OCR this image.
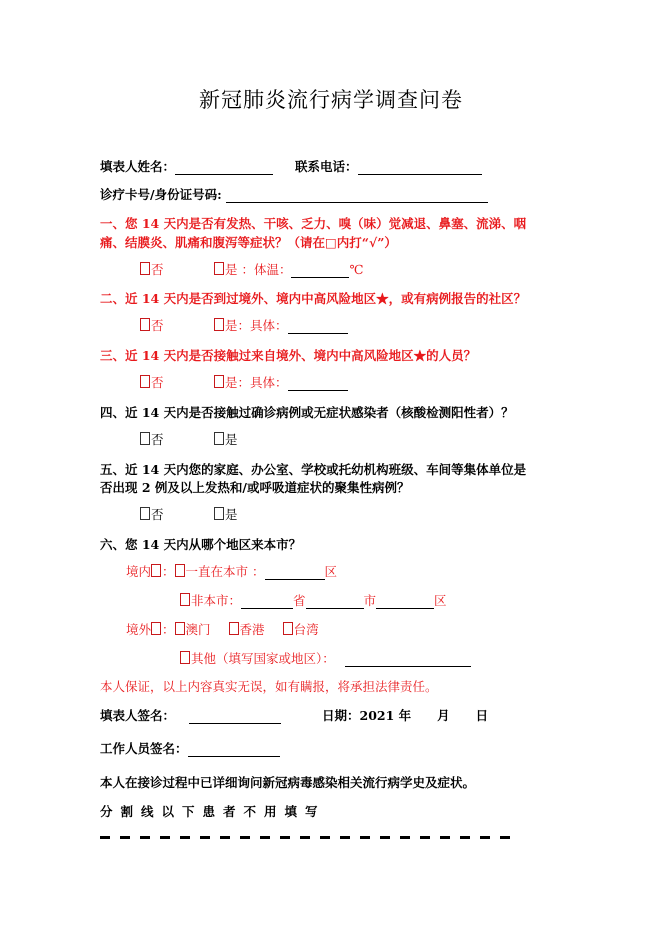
新冠肺炎流行病学调查问卷
填表人姓名：	联系电话：
诊疗卡号/身份证号码:
一、您 14 天内是否有发热、干咳、乏力、嗅（味）觉减退、鼻塞、流涕、咽
痛、结膜炎、肌痛和腹泻等症状？（请在□内打“√”）
否	是 ：体温：	℃
二、近 14 天内是否到过境外、境内中高风险地区★，或有病例报告的社区？
否	是：具体：
三、近 14 天内是否接触过来自境外、境内中高风险地区★的人员？
否	是：具体：
四、近 14 天内是否接触过确诊病例或无症状感染者（核酸检测阳性者）？
否	是
五、近 14 天内您的家庭、办公室、学校或托幼机构班级、车间等集体单位是
否出现 2 例及以上发热和/或呼吸道症状的聚集性病例？
否	是
六、您 14 天内从哪个地区来本市？
境内 ： 一直在本市 ：	区
非本市：	省	市	区
境外 ： 澳门 香港 台湾
其他（填写国家或地区）：
本人保证，以上内容真实无误，如有瞒报，将承担法律责任。
填表人签名：	日期：2021 年 月 日
工作人员签名：
本人在接诊过程中已详细询问新冠病毒感染相关流行病学史及症状。
分割线以下患者不用填写
